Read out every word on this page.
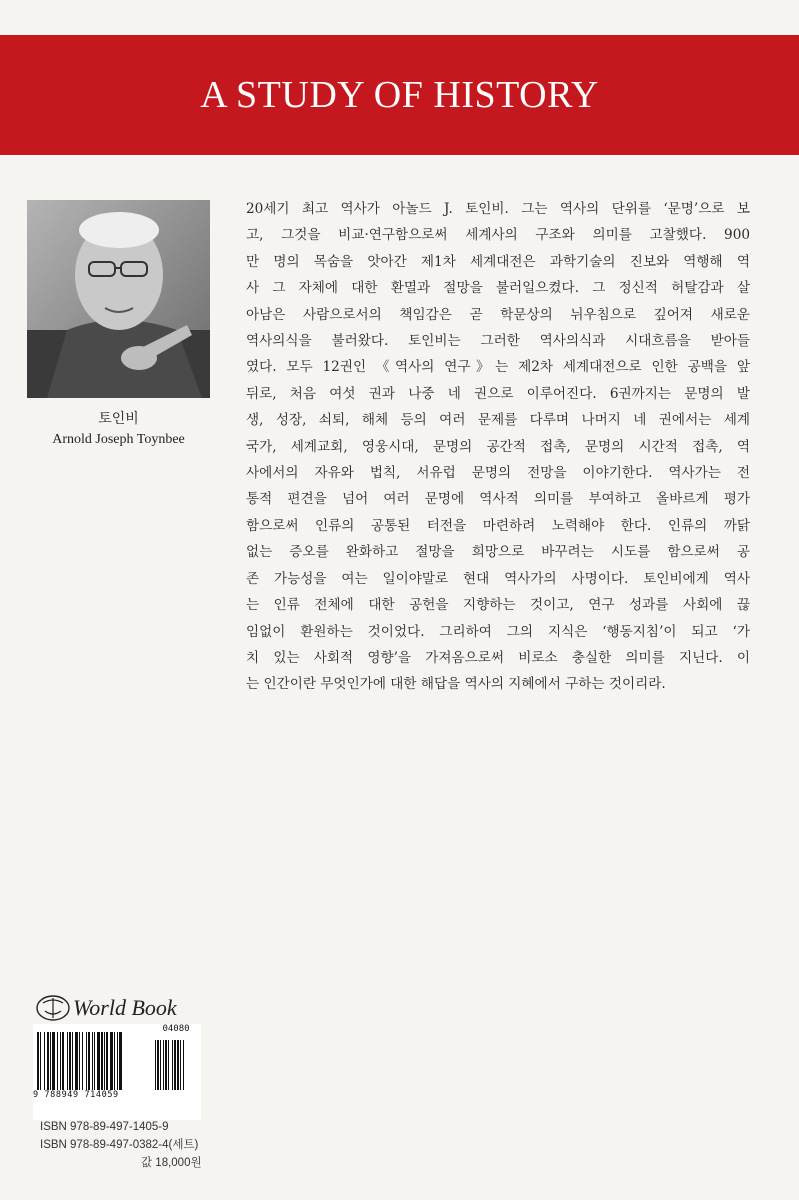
A STUDY OF HISTORY
토인비
Arnold Joseph Toynbee
20세기 최고 역사가 아놀드 J. 토인비. 그는 역사의 단위를 ‘문명’으로 보
고, 그것을 비교·연구함으로써 세계사의 구조와 의미를 고찰했다. 900
만 명의 목숨을 앗아간 제1차 세계대전은 과학기술의 진보와 역행해 역
사 그 자체에 대한 환멸과 절망을 불러일으켰다. 그 정신적 허탈감과 살
아남은 사람으로서의 책임감은 곧 학문상의 뉘우침으로 깊어져 새로운
역사의식을 불러왔다. 토인비는 그러한 역사의식과 시대흐름을 받아들
였다. 모두 12권인 《역사의 연구》는 제2차 세계대전으로 인한 공백을 앞
뒤로, 처음 여섯 권과 나중 네 권으로 이루어진다. 6권까지는 문명의 발
생, 성장, 쇠퇴, 해체 등의 여러 문제를 다루며 나머지 네 권에서는 세계
국가, 세계교회, 영웅시대, 문명의 공간적 접촉, 문명의 시간적 접촉, 역
사에서의 자유와 법칙, 서유럽 문명의 전망을 이야기한다. 역사가는 전
통적 편견을 넘어 여러 문명에 역사적 의미를 부여하고 올바르게 평가
함으로써 인류의 공통된 터전을 마련하려 노력해야 한다. 인류의 까닭
없는 증오를 완화하고 절망을 희망으로 바꾸려는 시도를 함으로써 공
존 가능성을 여는 일이야말로 현대 역사가의 사명이다. 토인비에게 역사
는 인류 전체에 대한 공헌을 지향하는 것이고, 연구 성과를 사회에 끊
임없이 환원하는 것이었다. 그리하여 그의 지식은 ‘행동지침’이 되고 ‘가
치 있는 사회적 영향’을 가져옴으로써 비로소 충실한 의미를 지닌다. 이
는 인간이란 무엇인가에 대한 해답을 역사의 지혜에서 구하는 것이리라.
World Book
04080
9 788949 714059
ISBN 978-89-497-1405-9
ISBN 978-89-497-0382-4(세트)
값 18,000원
